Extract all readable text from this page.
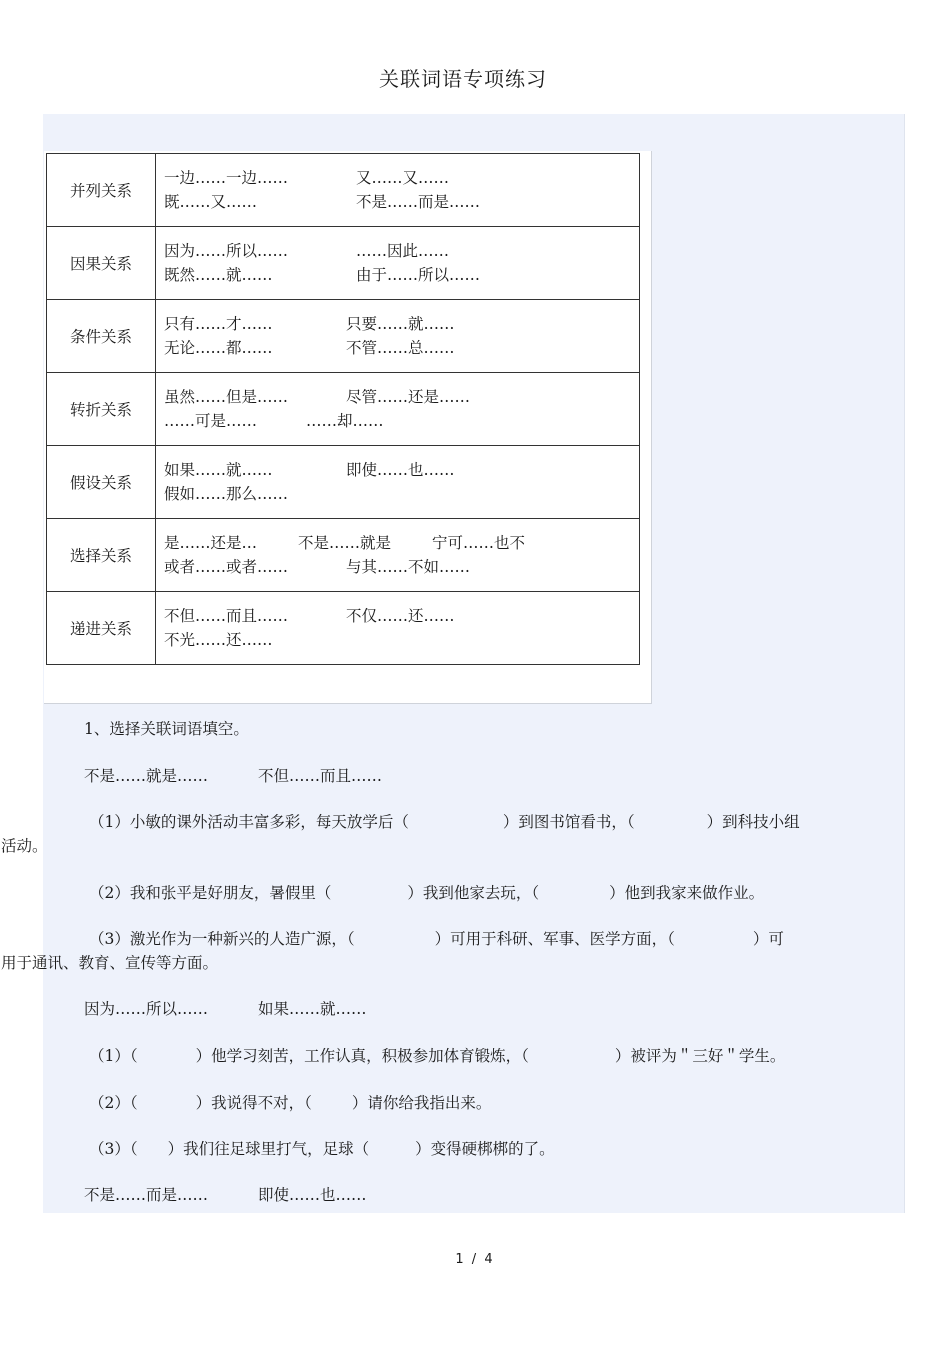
关联词语专项练习
并列关系	一边……一边…… 又……又……
既……又…… 不是……而是……

因果关系	因为……所以…… ……因此……
既然……就…… 由于……所以……

条件关系	只有……才…… 只要……就……
无论……都…… 不管……总……

转折关系	虽然……但是…… 尽管……还是……
……可是…… ……却……

假设关系	如果……就…… 即使……也……
假如……那么……

选择关系	是……还是… 不是……就是 宁可……也不
或者……或者…… 与其……不如……

递进关系	不但……而且…… 不仅……还……
不光……还……
1、选择关联词语填空。
不是……就是……	不但……而且……
（1）小敏的课外活动丰富多彩，每天放学后（	）到图书馆看书，（	）到科技小组
活动。
（2）我和张平是好朋友，暑假里（	）我到他家去玩，（	）他到我家来做作业。
（3）激光作为一种新兴的人造广源，（	）可用于科研、军事、医学方面，（	）可
用于通讯、教育、宣传等方面。
因为……所以……	如果……就……
（1）（	）他学习刻苦，工作认真，积极参加体育锻炼，（	）被评为＂三好＂学生。
（2）（	）我说得不对，（	）请你给我指出来。
（3）（ ）我们往足球里打气，足球（	）变得硬梆梆的了。
不是……而是……	即使……也……
1 / 4
